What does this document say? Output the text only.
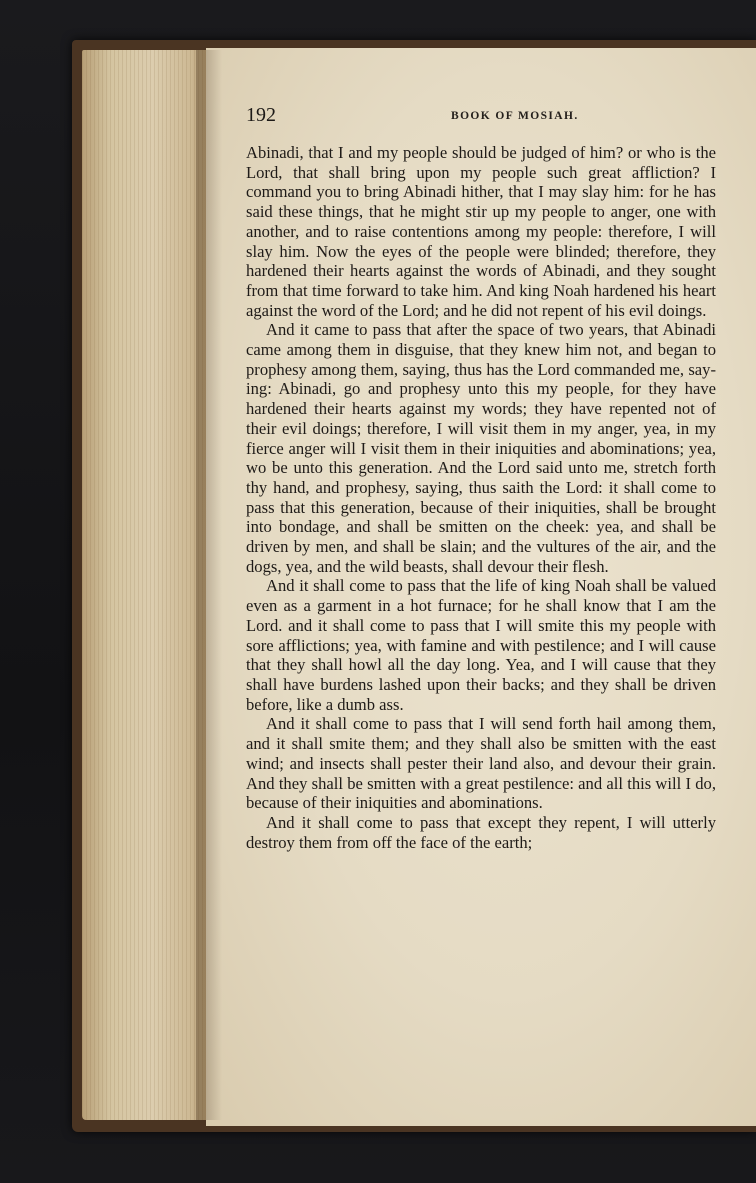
192	BOOK OF MOSIAH.

Abinadi, that I and my people should be judged of him? or who is the Lord, that shall bring upon my people such great affliction? I command you to bring Abinadi hither, that I may slay him: for he has said these things, that he might stir up my people to anger, one with another, and to raise contentions among my people: therefore, I will slay him. Now the eyes of the people were blinded; therefore, they hardened their hearts against the words of Abinadi, and they sought from that time forward to take him. And king Noah hardened his heart against the word of the Lord; and he did not repent of his evil doings.

And it came to pass that after the space of two years, that Abinadi came among them in disguise, that they knew him not, and began to prophesy among them, saying, thus has the Lord commanded me, saying: Abinadi, go and prophesy unto this my people, for they have hardened their hearts against my words; they have repented not of their evil doings; therefore, I will visit them in my anger, yea, in my fierce anger will I visit them in their iniquities and abominations; yea, wo be unto this generation. And the Lord said unto me, stretch forth thy hand, and prophesy, saying, thus saith the Lord: it shall come to pass that this generation, because of their iniquities, shall be brought into bondage, and shall be smitten on the cheek: yea, and shall be driven by men, and shall be slain; and the vultures of the air, and the dogs, yea, and the wild beasts, shall devour their flesh.

And it shall come to pass that the life of king Noah shall be valued even as a garment in a hot furnace; for he shall know that I am the Lord. and it shall come to pass that I will smite this my people with sore afflictions; yea, with famine and with pestilence; and I will cause that they shall howl all the day long. Yea, and I will cause that they shall have burdens lashed upon their backs; and they shall be driven before, like a dumb ass.

And it shall come to pass that I will send forth hail among them, and it shall smite them; and they shall also be smitten with the east wind; and insects shall pester their land also, and devour their grain. And they shall be smitten with a great pestilence: and all this will I do, because of their iniquities and abominations.

And it shall come to pass that except they repent, I will utterly destroy them from off the face of the earth;
